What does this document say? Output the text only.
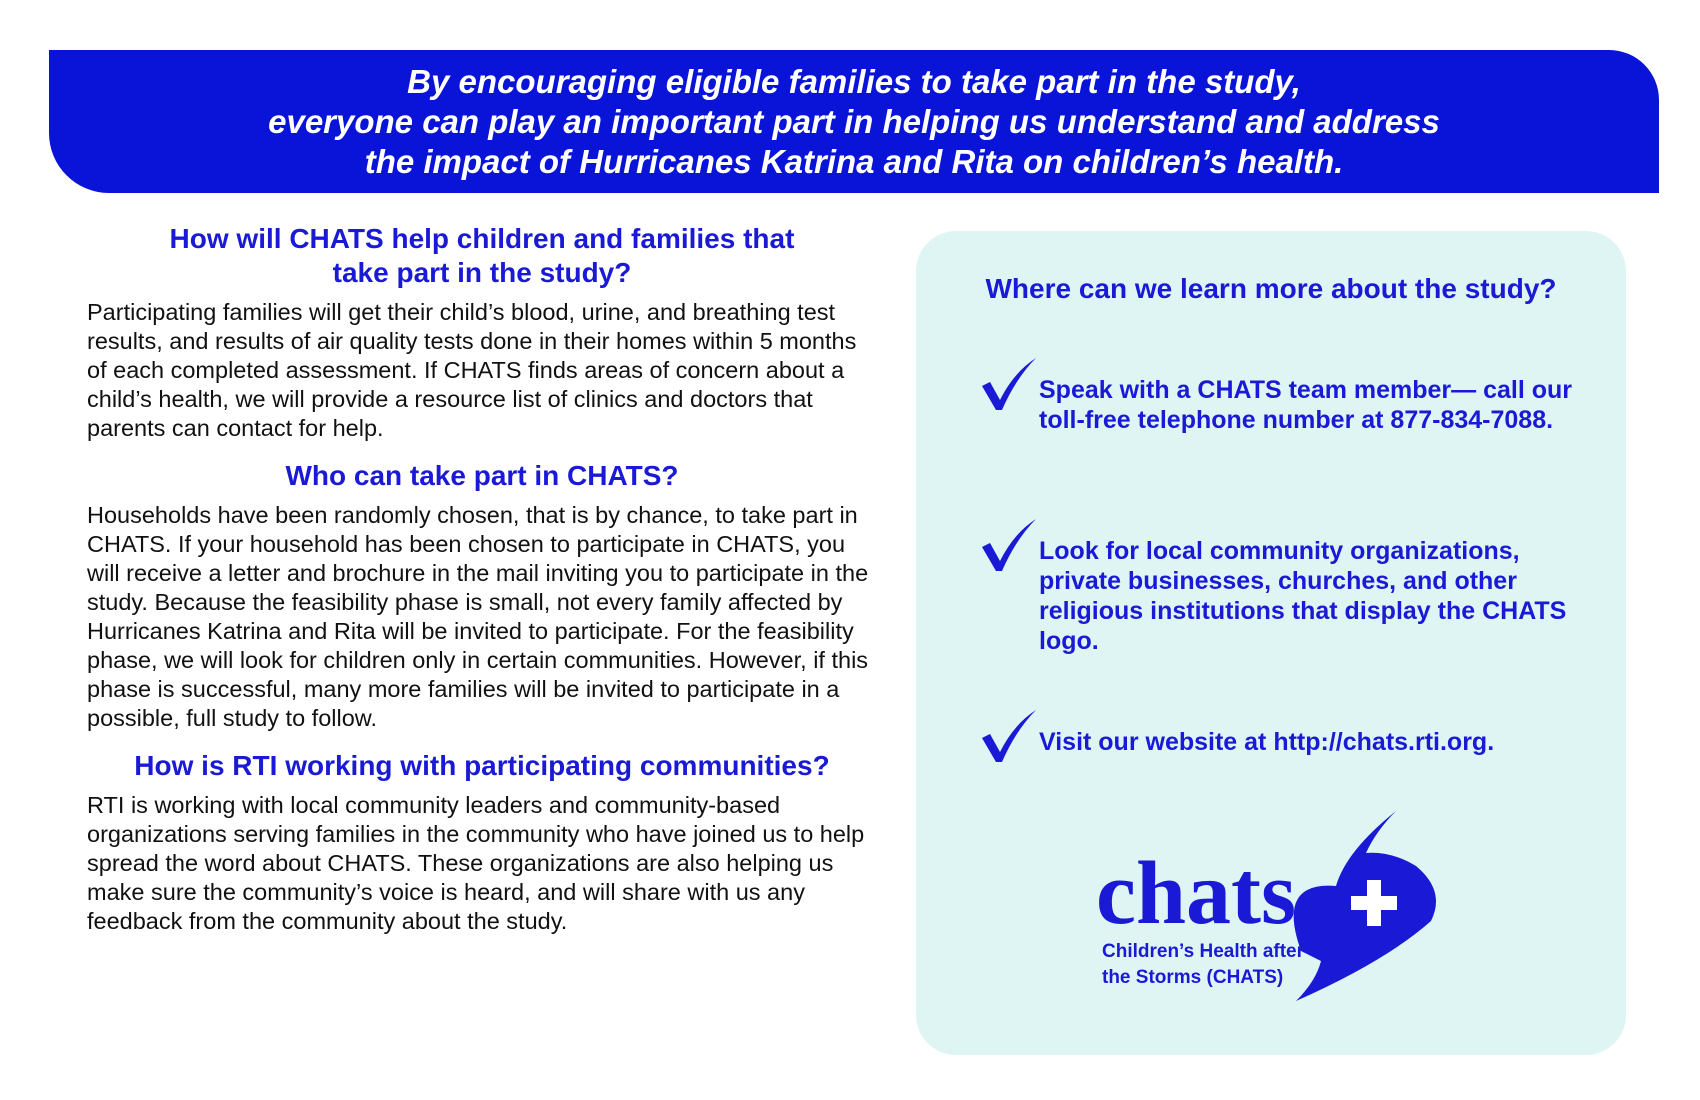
By encouraging eligible families to take part in the study,
everyone can play an important part in helping us understand and address
the impact of Hurricanes Katrina and Rita on children’s health.
How will CHATS help children and families that
take part in the study?
Participating families will get their child’s blood, urine, and breathing test results, and results of air quality tests done in their homes within 5 months of each completed assessment. If CHATS finds areas of concern about a child’s health, we will provide a resource list of clinics and doctors that parents can contact for help.
Who can take part in CHATS?
Households have been randomly chosen, that is by chance, to take part in CHATS. If your household has been chosen to participate in CHATS, you will receive a letter and brochure in the mail inviting you to participate in the study. Because the feasibility phase is small, not every family affected by Hurricanes Katrina and Rita will be invited to participate. For the feasibility phase, we will look for children only in certain communities. However, if this phase is successful, many more families will be invited to participate in a possible, full study to follow.
How is RTI working with participating communities?
RTI is working with local community leaders and community-based organizations serving families in the community who have joined us to help spread the word about CHATS. These organizations are also helping us make sure the community’s voice is heard, and will share with us any feedback from the community about the study.
Where can we learn more about the study?
Speak with a CHATS team member— call our toll-free telephone number at 877-834-7088.
Look for local community organizations, private businesses, churches, and other religious institutions that display the CHATS logo.
Visit our website at http://chats.rti.org.
chats
Children’s Health after
the Storms (CHATS)
